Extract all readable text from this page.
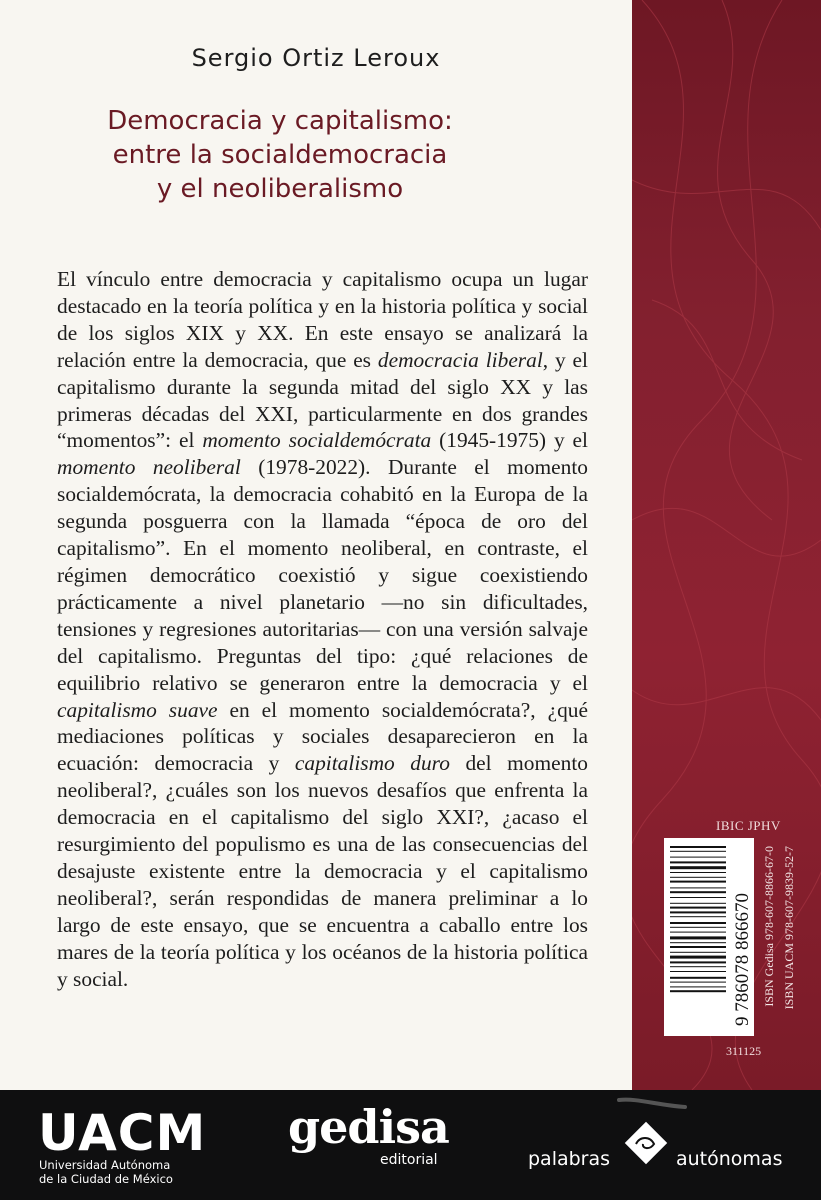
Sergio Ortiz Leroux
Democracia y capitalismo:
entre la socialdemocracia
y el neoliberalismo
El vínculo entre democracia y capitalismo ocupa un lugar destacado en la teoría política y en la historia política y social de los siglos XIX y XX. En este ensayo se analizará la relación entre la democracia, que es democracia liberal, y el capitalismo durante la segunda mitad del siglo XX y las primeras décadas del XXI, particularmente en dos grandes “momentos”: el momento socialdemócrata (1945-1975) y el momento neoliberal (1978-2022). Durante el momento socialdemócrata, la democracia cohabitó en la Europa de la segunda posguerra con la llamada “época de oro del capitalismo”. En el momento neoliberal, en contraste, el régimen democrático coexistió y sigue coexistiendo prácticamente a nivel planetario —no sin dificultades, tensiones y regresiones autoritarias— con una versión salvaje del capitalismo. Preguntas del tipo: ¿qué relaciones de equilibrio relativo se generaron entre la democracia y el capitalismo suave en el momento socialdemócrata?, ¿qué mediaciones políticas y sociales desaparecieron en la ecuación: democracia y capitalismo duro del momento neoliberal?, ¿cuáles son los nuevos desafíos que enfrenta la democracia en el capitalismo del siglo XXI?, ¿acaso el resurgimiento del populismo es una de las consecuencias del desajuste existente entre la democracia y el capitalismo neoliberal?, serán respondidas de manera preliminar a lo largo de este ensayo, que se encuentra a caballo entre los mares de la teoría política y los océanos de la historia política y social.
IBIC JPHV
9 786078 866670 ISBN Gedisa 978-607-8866-67-0 ISBN UACM 978-607-9839-52-7
311125
UACM
Universidad Autónoma
de la Ciudad de México
gedisa
editorial	palabras	autónomas
